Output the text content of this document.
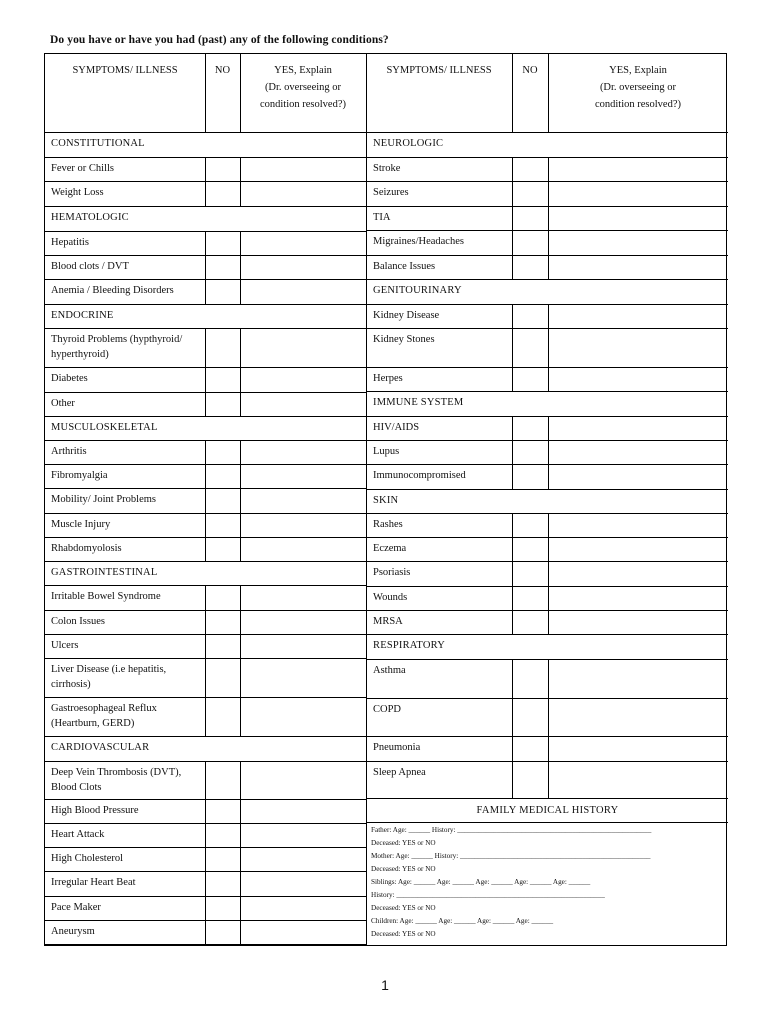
Do you have or have you had (past) any of the following conditions?
SYMPTOMS/ ILLNESS	NO	YES, Explain
(Dr. overseeing or
condition resolved?)
SYMPTOMS/ ILLNESS	NO	YES, Explain
(Dr. overseeing or
condition resolved?)
FAMILY MEDICAL HISTORY
Father: Age: ______ History: ______________________________________________________
Deceased: YES or NO
Mother: Age: ______ History: _____________________________________________________
Deceased: YES or NO
Siblings: Age: ______ Age: ______ Age: ______ Age: ______ Age: ______
History: __________________________________________________________
Deceased: YES or NO
Children: Age: ______ Age: ______ Age: ______ Age: ______
Deceased: YES or NO
CONSTITUTIONAL
Fever or Chills
Weight Loss
HEMATOLOGIC
Hepatitis
Blood clots / DVT
Anemia / Bleeding Disorders
ENDOCRINE
Thyroid Problems (hypthyroid/
hyperthyroid)
Diabetes
Other
MUSCULOSKELETAL
Arthritis
Fibromyalgia
Mobility/ Joint Problems
Muscle Injury
Rhabdomyolosis
GASTROINTESTINAL
Irritable Bowel Syndrome
Colon Issues
Ulcers
Liver Disease (i.e hepatitis,
cirrhosis)
Gastroesophageal Reflux
(Heartburn, GERD)
CARDIOVASCULAR
Deep Vein Thrombosis (DVT),
Blood Clots
High Blood Pressure
Heart Attack
High Cholesterol
Irregular Heart Beat
Pace Maker
Aneurysm
NEUROLOGIC
Stroke
Seizures
TIA
Migraines/Headaches
Balance Issues
GENITOURINARY
Kidney Disease
Kidney Stones
Herpes
IMMUNE SYSTEM
HIV/AIDS
Lupus
Immunocompromised
SKIN
Rashes
Eczema
Psoriasis
Wounds
MRSA
RESPIRATORY
Asthma
COPD
Pneumonia
Sleep Apnea
1
